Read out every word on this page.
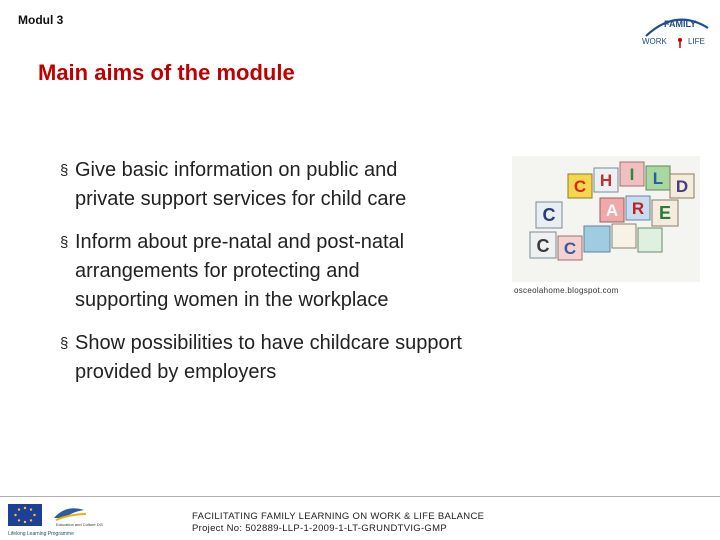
Modul 3	FAMILY
WORK	LIFE
Main aims of the module
§ Give basic information on public and
private support services for child care
§ Inform about pre-natal and post-natal
arrangements for protecting and
supporting women in the workplace
§ Show possibilities to have childcare support
provided by employers
C H I L D
C	A R E
C C
osceolahome.blogspot.com
Education and Culture DG
Lifelong Learning Programme
FACILITATING FAMILY LEARNING ON WORK & LIFE BALANCE
Project No: 502889-LLP-1-2009-1-LT-GRUNDTVIG-GMP
